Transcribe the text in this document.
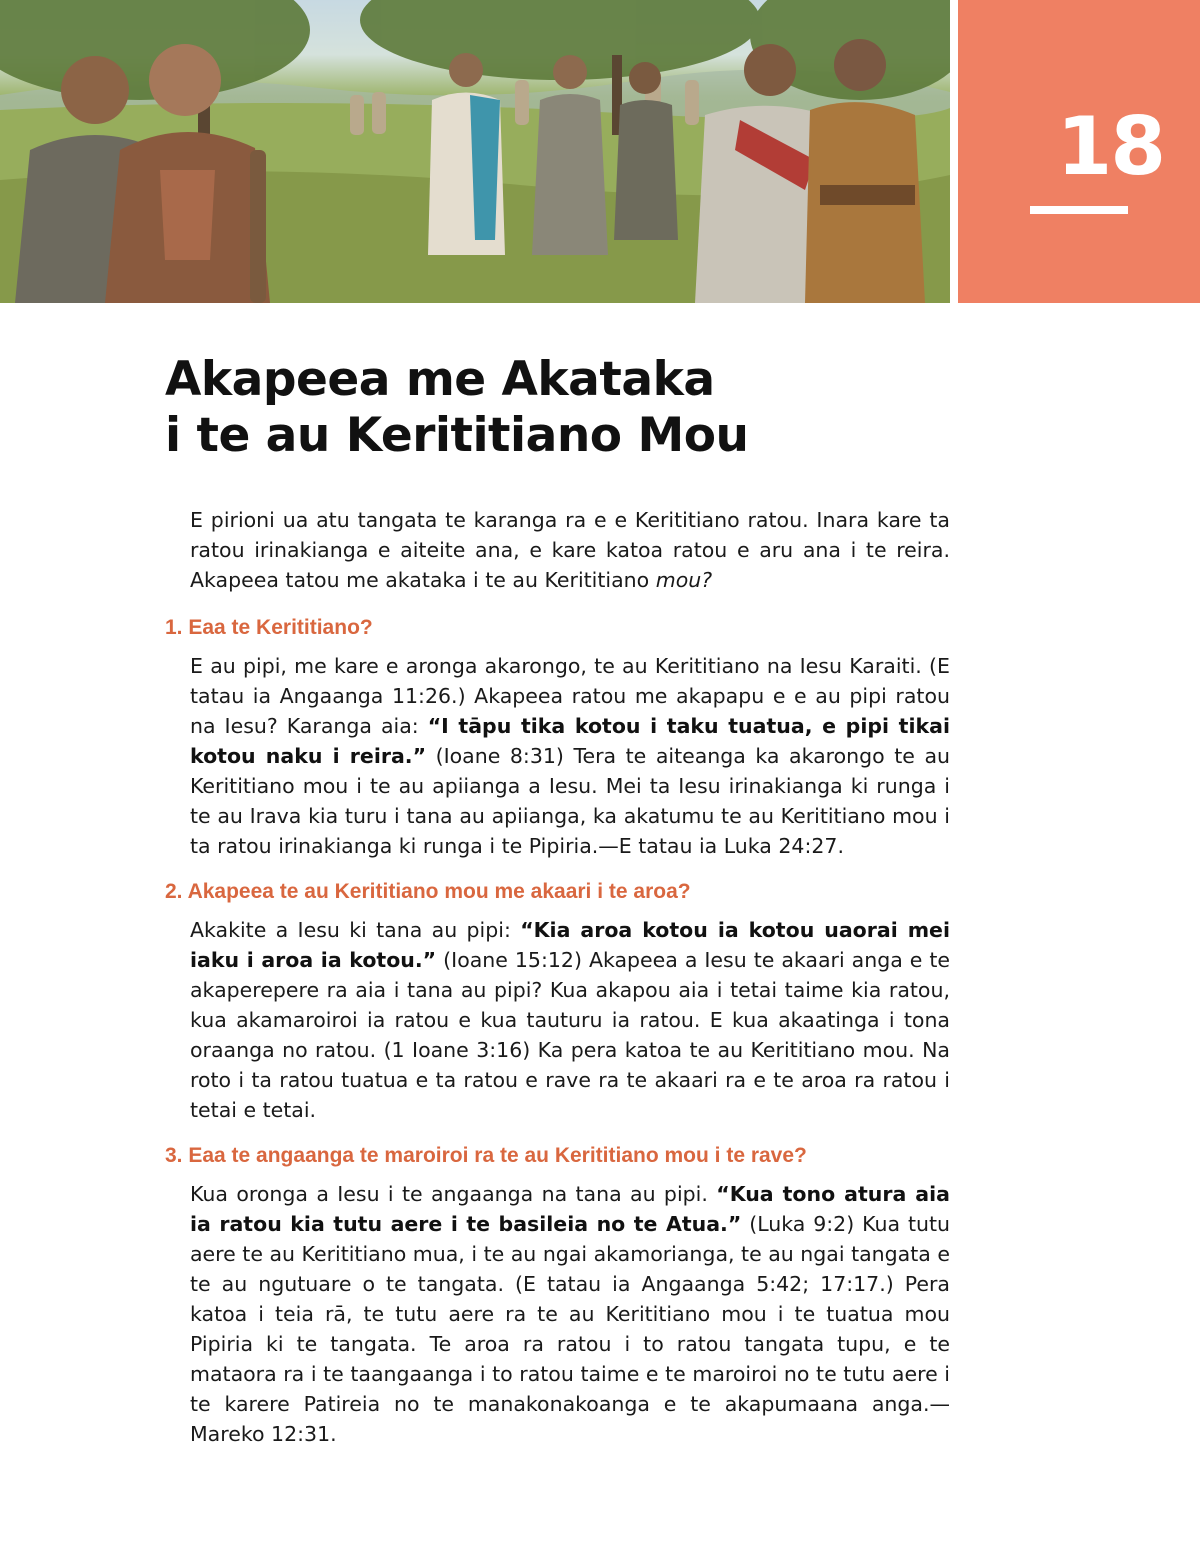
18
Akapeea me Akataka
i te au Kerititiano Mou

E pirioni ua atu tangata te karanga ra e e Kerititiano ratou. Inara kare ta ratou irinakianga e aiteite ana, e kare katoa ratou e aru ana i te reira. Akapeea tatou me akataka i te au Kerititiano mou?

1. Eaa te Kerititiano?

E au pipi, me kare e aronga akarongo, te au Kerititiano na Iesu Karaiti. (E tatau ia Angaanga 11:26.) Akapeea ratou me akapapu e e au pipi ratou na Iesu? Karanga aia: “I tāpu tika kotou i taku tuatua, e pipi tikai kotou naku i reira.” (Ioane 8:31) Tera te aiteanga ka akarongo te au Kerititiano mou i te au apiianga a Iesu. Mei ta Iesu irinakianga ki runga i te au Irava kia turu i tana au apiianga, ka akatumu te au Kerititiano mou i ta ratou irinakianga ki runga i te Pipiria.—E tatau ia Luka 24:27.

2. Akapeea te au Kerititiano mou me akaari i te aroa?

Akakite a Iesu ki tana au pipi: “Kia aroa kotou ia kotou uaorai mei iaku i aroa ia kotou.” (Ioane 15:12) Akapeea a Iesu te akaari anga e te akaperepere ra aia i tana au pipi? Kua akapou aia i tetai taime kia ratou, kua akamaroiroi ia ratou e kua tauturu ia ratou. E kua akaatinga i tona oraanga no ratou. (1 Ioane 3:16) Ka pera katoa te au Kerititiano mou. Na roto i ta ratou tuatua e ta ratou e rave ra te akaari ra e te aroa ra ratou i tetai e tetai.

3. Eaa te angaanga te maroiroi ra te au Kerititiano mou i te rave?

Kua oronga a Iesu i te angaanga na tana au pipi. “Kua tono atura aia ia ratou kia tutu aere i te basileia no te Atua.” (Luka 9:2) Kua tutu aere te au Kerititiano mua, i te au ngai akamorianga, te au ngai tangata e te au ngutuare o te tangata. (E tatau ia Angaanga 5:42; 17:17.) Pera katoa i teia rā, te tutu aere ra te au Kerititiano mou i te tuatua mou Pipiria ki te tangata. Te aroa ra ratou i to ratou tangata tupu, e te mataora ra i te taangaanga i to ratou taime e te maroiroi no te tutu aere i te karere Patireia no te manakonakoanga e te akapumaana anga.—Mareko 12:31.
